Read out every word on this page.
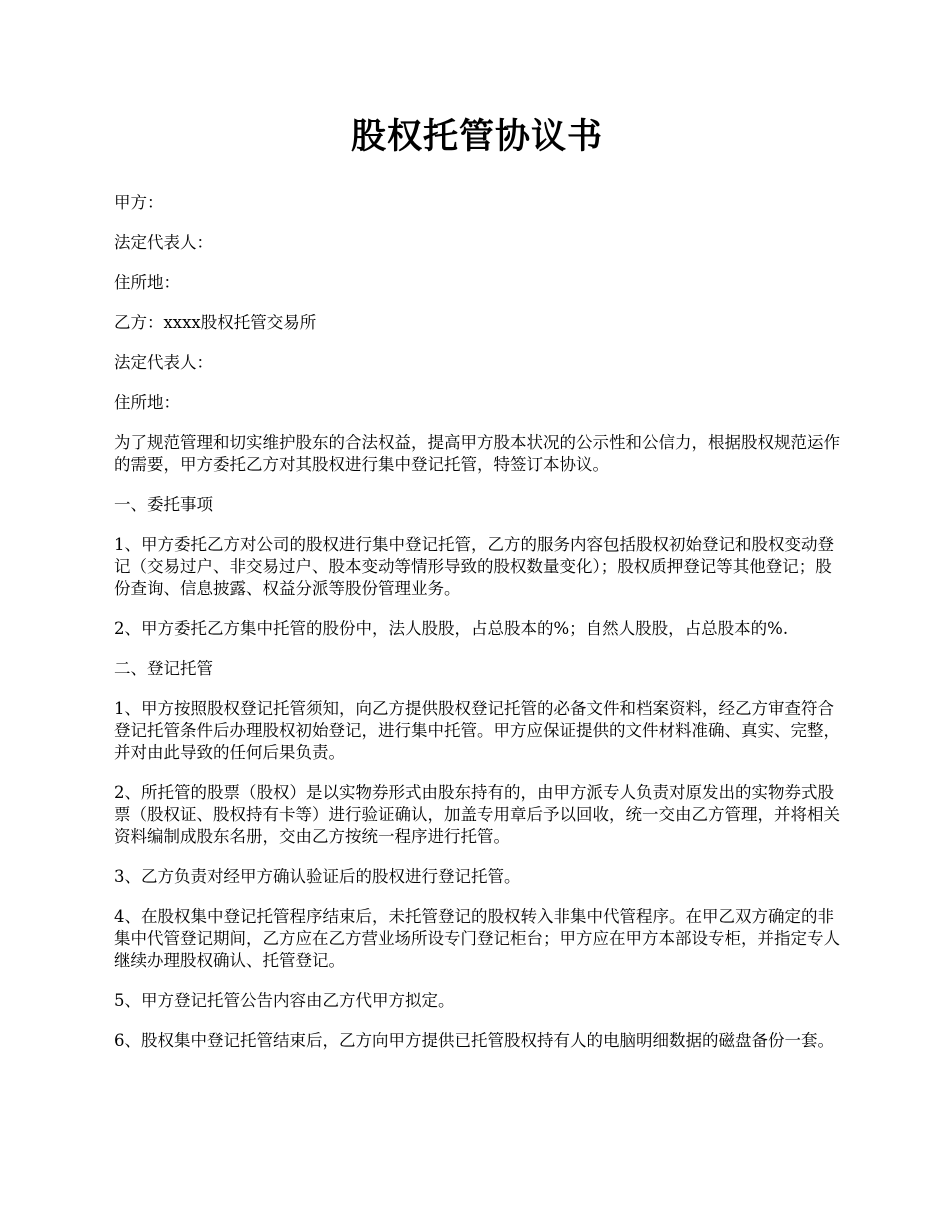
股权托管协议书

甲方：

法定代表人：

住所地：

乙方：xxxx股权托管交易所

法定代表人：

住所地：

为了规范管理和切实维护股东的合法权益，提高甲方股本状况的公示性和公信力，根据股权规范运作的需要，甲方委托乙方对其股权进行集中登记托管，特签订本协议。

一、委托事项

1、甲方委托乙方对公司的股权进行集中登记托管，乙方的服务内容包括股权初始登记和股权变动登记（交易过户、非交易过户、股本变动等情形导致的股权数量变化）；股权质押登记等其他登记；股份查询、信息披露、权益分派等股份管理业务。

2、甲方委托乙方集中托管的股份中，法人股股，占总股本的%；自然人股股，占总股本的%.

二、登记托管

1、甲方按照股权登记托管须知，向乙方提供股权登记托管的必备文件和档案资料，经乙方审查符合登记托管条件后办理股权初始登记，进行集中托管。甲方应保证提供的文件材料准确、真实、完整，并对由此导致的任何后果负责。

2、所托管的股票（股权）是以实物券形式由股东持有的，由甲方派专人负责对原发出的实物券式股票（股权证、股权持有卡等）进行验证确认，加盖专用章后予以回收，统一交由乙方管理，并将相关资料编制成股东名册，交由乙方按统一程序进行托管。

3、乙方负责对经甲方确认验证后的股权进行登记托管。

4、在股权集中登记托管程序结束后，未托管登记的股权转入非集中代管程序。在甲乙双方确定的非集中代管登记期间，乙方应在乙方营业场所设专门登记柜台；甲方应在甲方本部设专柜，并指定专人继续办理股权确认、托管登记。

5、甲方登记托管公告内容由乙方代甲方拟定。

6、股权集中登记托管结束后，乙方向甲方提供已托管股权持有人的电脑明细数据的磁盘备份一套。
